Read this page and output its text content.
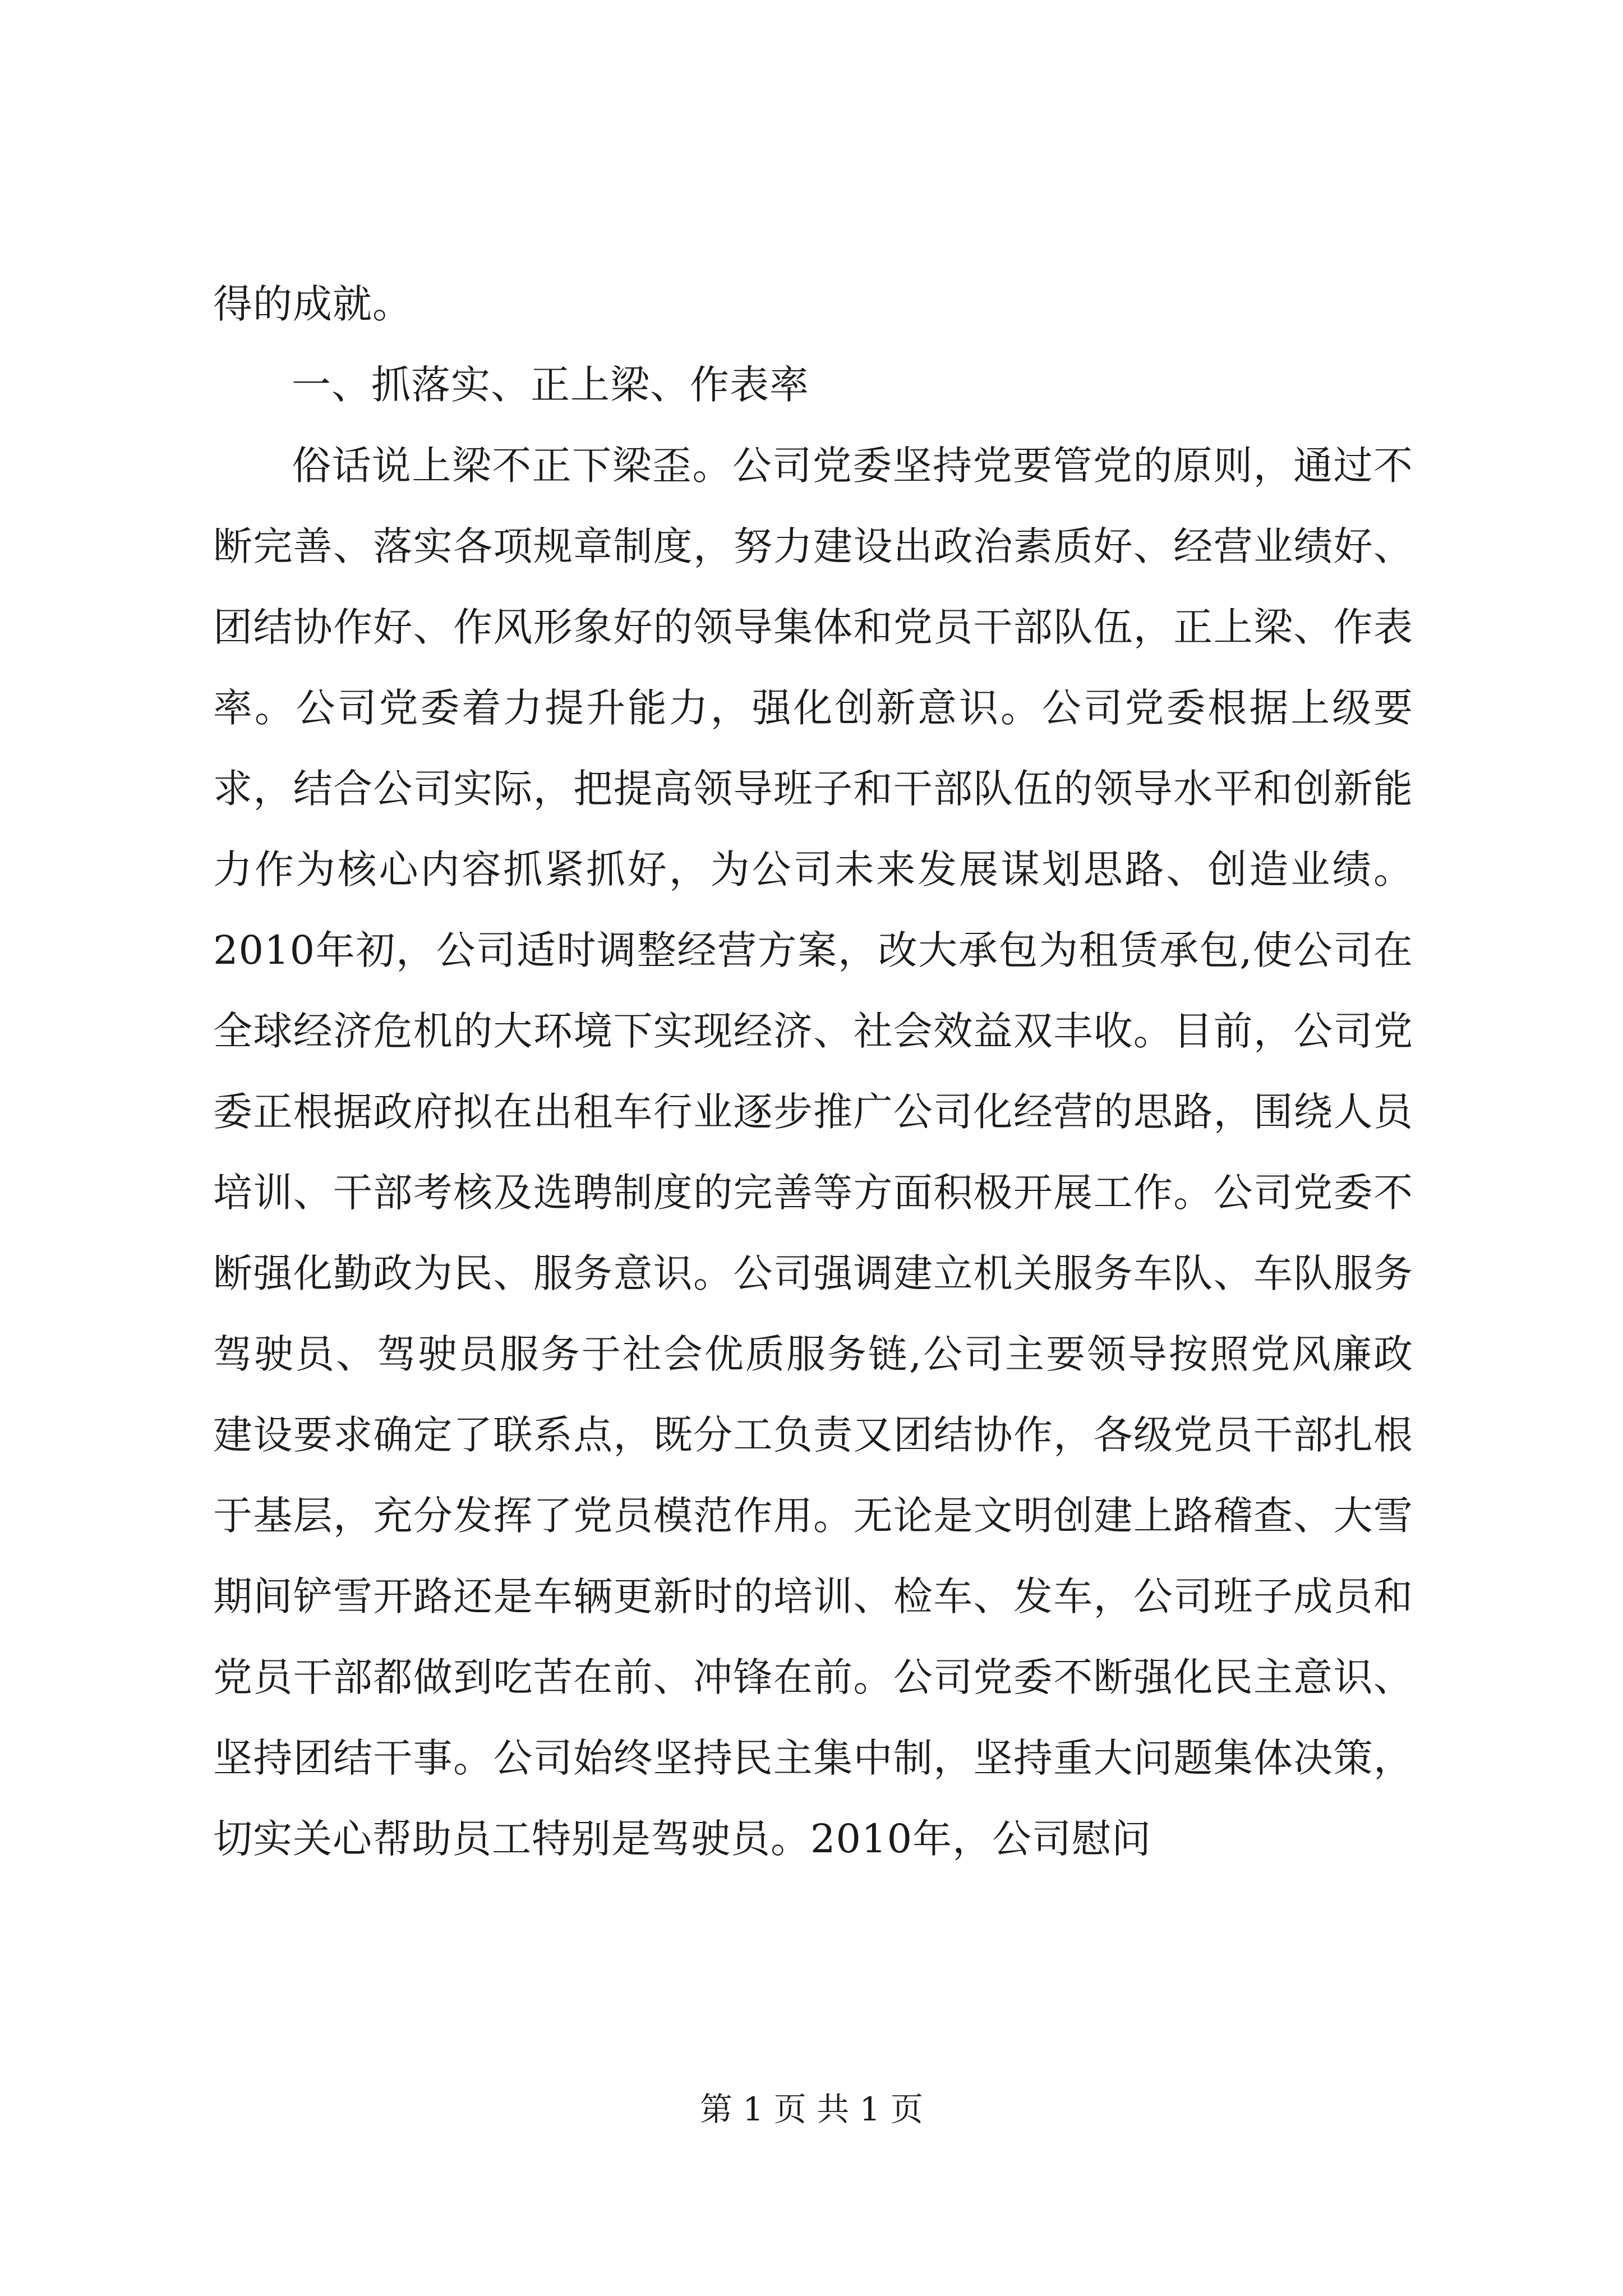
得的成就。

一、抓落实、正上梁、作表率

俗话说上梁不正下梁歪。公司党委坚持党要管党的原则，通过不断完善、落实各项规章制度，努力建设出政治素质好、经营业绩好、团结协作好、作风形象好的领导集体和党员干部队伍，正上梁、作表率。公司党委着力提升能力，强化创新意识。公司党委根据上级要求，结合公司实际，把提高领导班子和干部队伍的领导水平和创新能力作为核心内容抓紧抓好，为公司未来发展谋划思路、创造业绩。2010年初，公司适时调整经营方案，改大承包为租赁承包,使公司在全球经济危机的大环境下实现经济、社会效益双丰收。目前，公司党委正根据政府拟在出租车行业逐步推广公司化经营的思路，围绕人员培训、干部考核及选聘制度的完善等方面积极开展工作。公司党委不断强化勤政为民、服务意识。公司强调建立机关服务车队、车队服务驾驶员、驾驶员服务于社会优质服务链,公司主要领导按照党风廉政建设要求确定了联系点，既分工负责又团结协作，各级党员干部扎根于基层，充分发挥了党员模范作用。无论是文明创建上路稽查、大雪期间铲雪开路还是车辆更新时的培训、检车、发车，公司班子成员和党员干部都做到吃苦在前、冲锋在前。公司党委不断强化民主意识、坚持团结干事。公司始终坚持民主集中制，坚持重大问题集体决策，切实关心帮助员工特别是驾驶员。2010年，公司慰问

第 1 页 共 1 页
